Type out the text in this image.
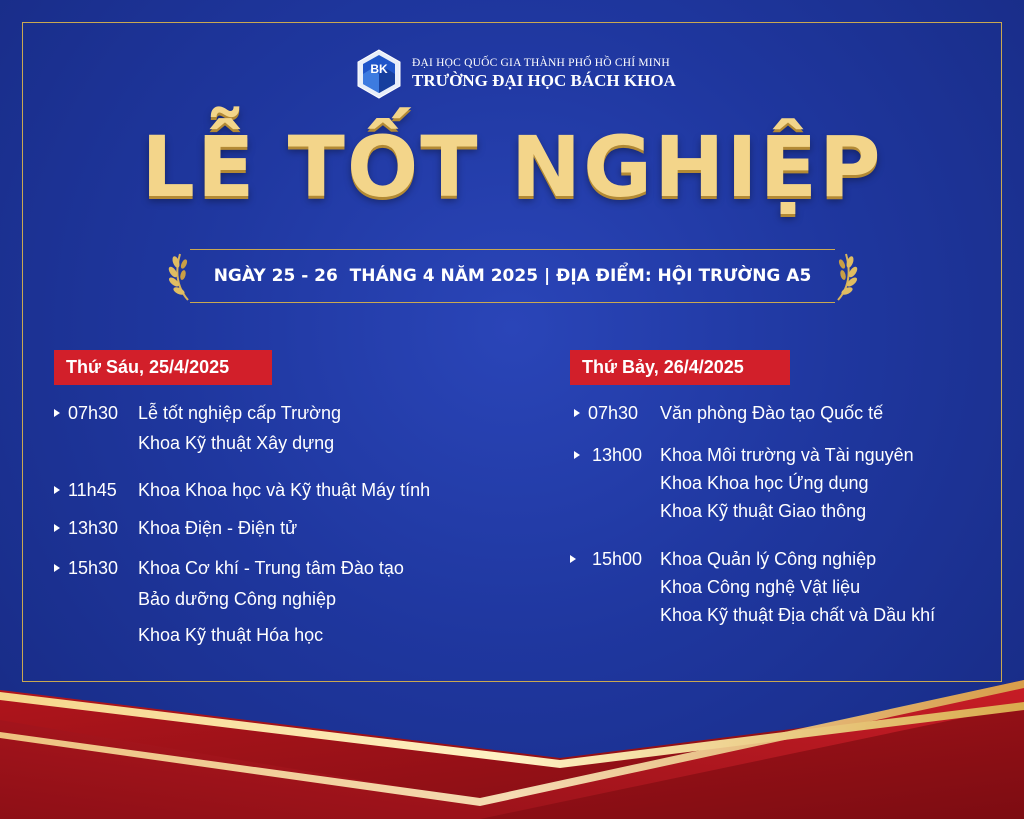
BK ĐẠI HỌC QUỐC GIA THÀNH PHỐ HỒ CHÍ MINH
TRƯỜNG ĐẠI HỌC BÁCH KHOA
LỄ TỐT NGHIỆP
NGÀY 25 - 26  THÁNG 4 NĂM 2025 | ĐỊA ĐIỂM: HỘI TRƯỜNG A5
Thứ Sáu, 25/4/2025
07h30 Lễ tốt nghiệp cấp Trường
Khoa Kỹ thuật Xây dựng
11h45 Khoa Khoa học và Kỹ thuật Máy tính
13h30 Khoa Điện - Điện tử
15h30 Khoa Cơ khí - Trung tâm Đào tạo
Bảo dưỡng Công nghiệp
Khoa Kỹ thuật Hóa học
Thứ Bảy, 26/4/2025
07h30 Văn phòng Đào tạo Quốc tế
13h00 Khoa Môi trường và Tài nguyên
Khoa Khoa học Ứng dụng
Khoa Kỹ thuật Giao thông
15h00 Khoa Quản lý Công nghiệp
Khoa Công nghệ Vật liệu
Khoa Kỹ thuật Địa chất và Dầu khí
